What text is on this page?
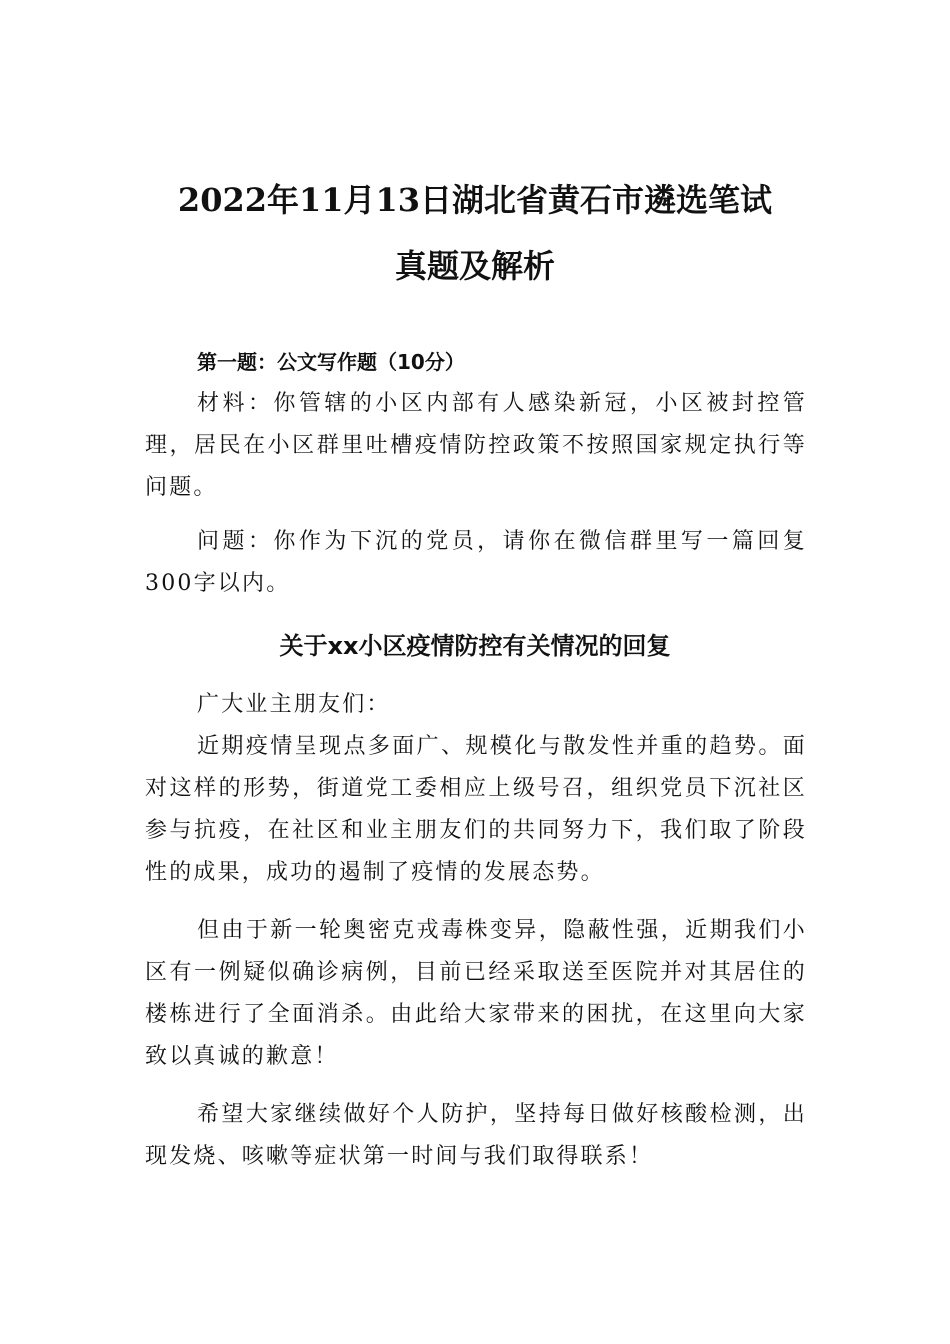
2022年11月13日湖北省黄石市遴选笔试
真题及解析

第一题：公文写作题（10分）

材料：你管辖的小区内部有人感染新冠，小区被封控管理，居民在小区群里吐槽疫情防控政策不按照国家规定执行等问题。

问题：你作为下沉的党员，请你在微信群里写一篇回复300字以内。

关于xx小区疫情防控有关情况的回复

广大业主朋友们：

近期疫情呈现点多面广、规模化与散发性并重的趋势。面对这样的形势，街道党工委相应上级号召，组织党员下沉社区参与抗疫，在社区和业主朋友们的共同努力下，我们取了阶段性的成果，成功的遏制了疫情的发展态势。

但由于新一轮奥密克戎毒株变异，隐蔽性强，近期我们小区有一例疑似确诊病例，目前已经采取送至医院并对其居住的楼栋进行了全面消杀。由此给大家带来的困扰，在这里向大家致以真诚的歉意！

希望大家继续做好个人防护，坚持每日做好核酸检测，出现发烧、咳嗽等症状第一时间与我们取得联系！
